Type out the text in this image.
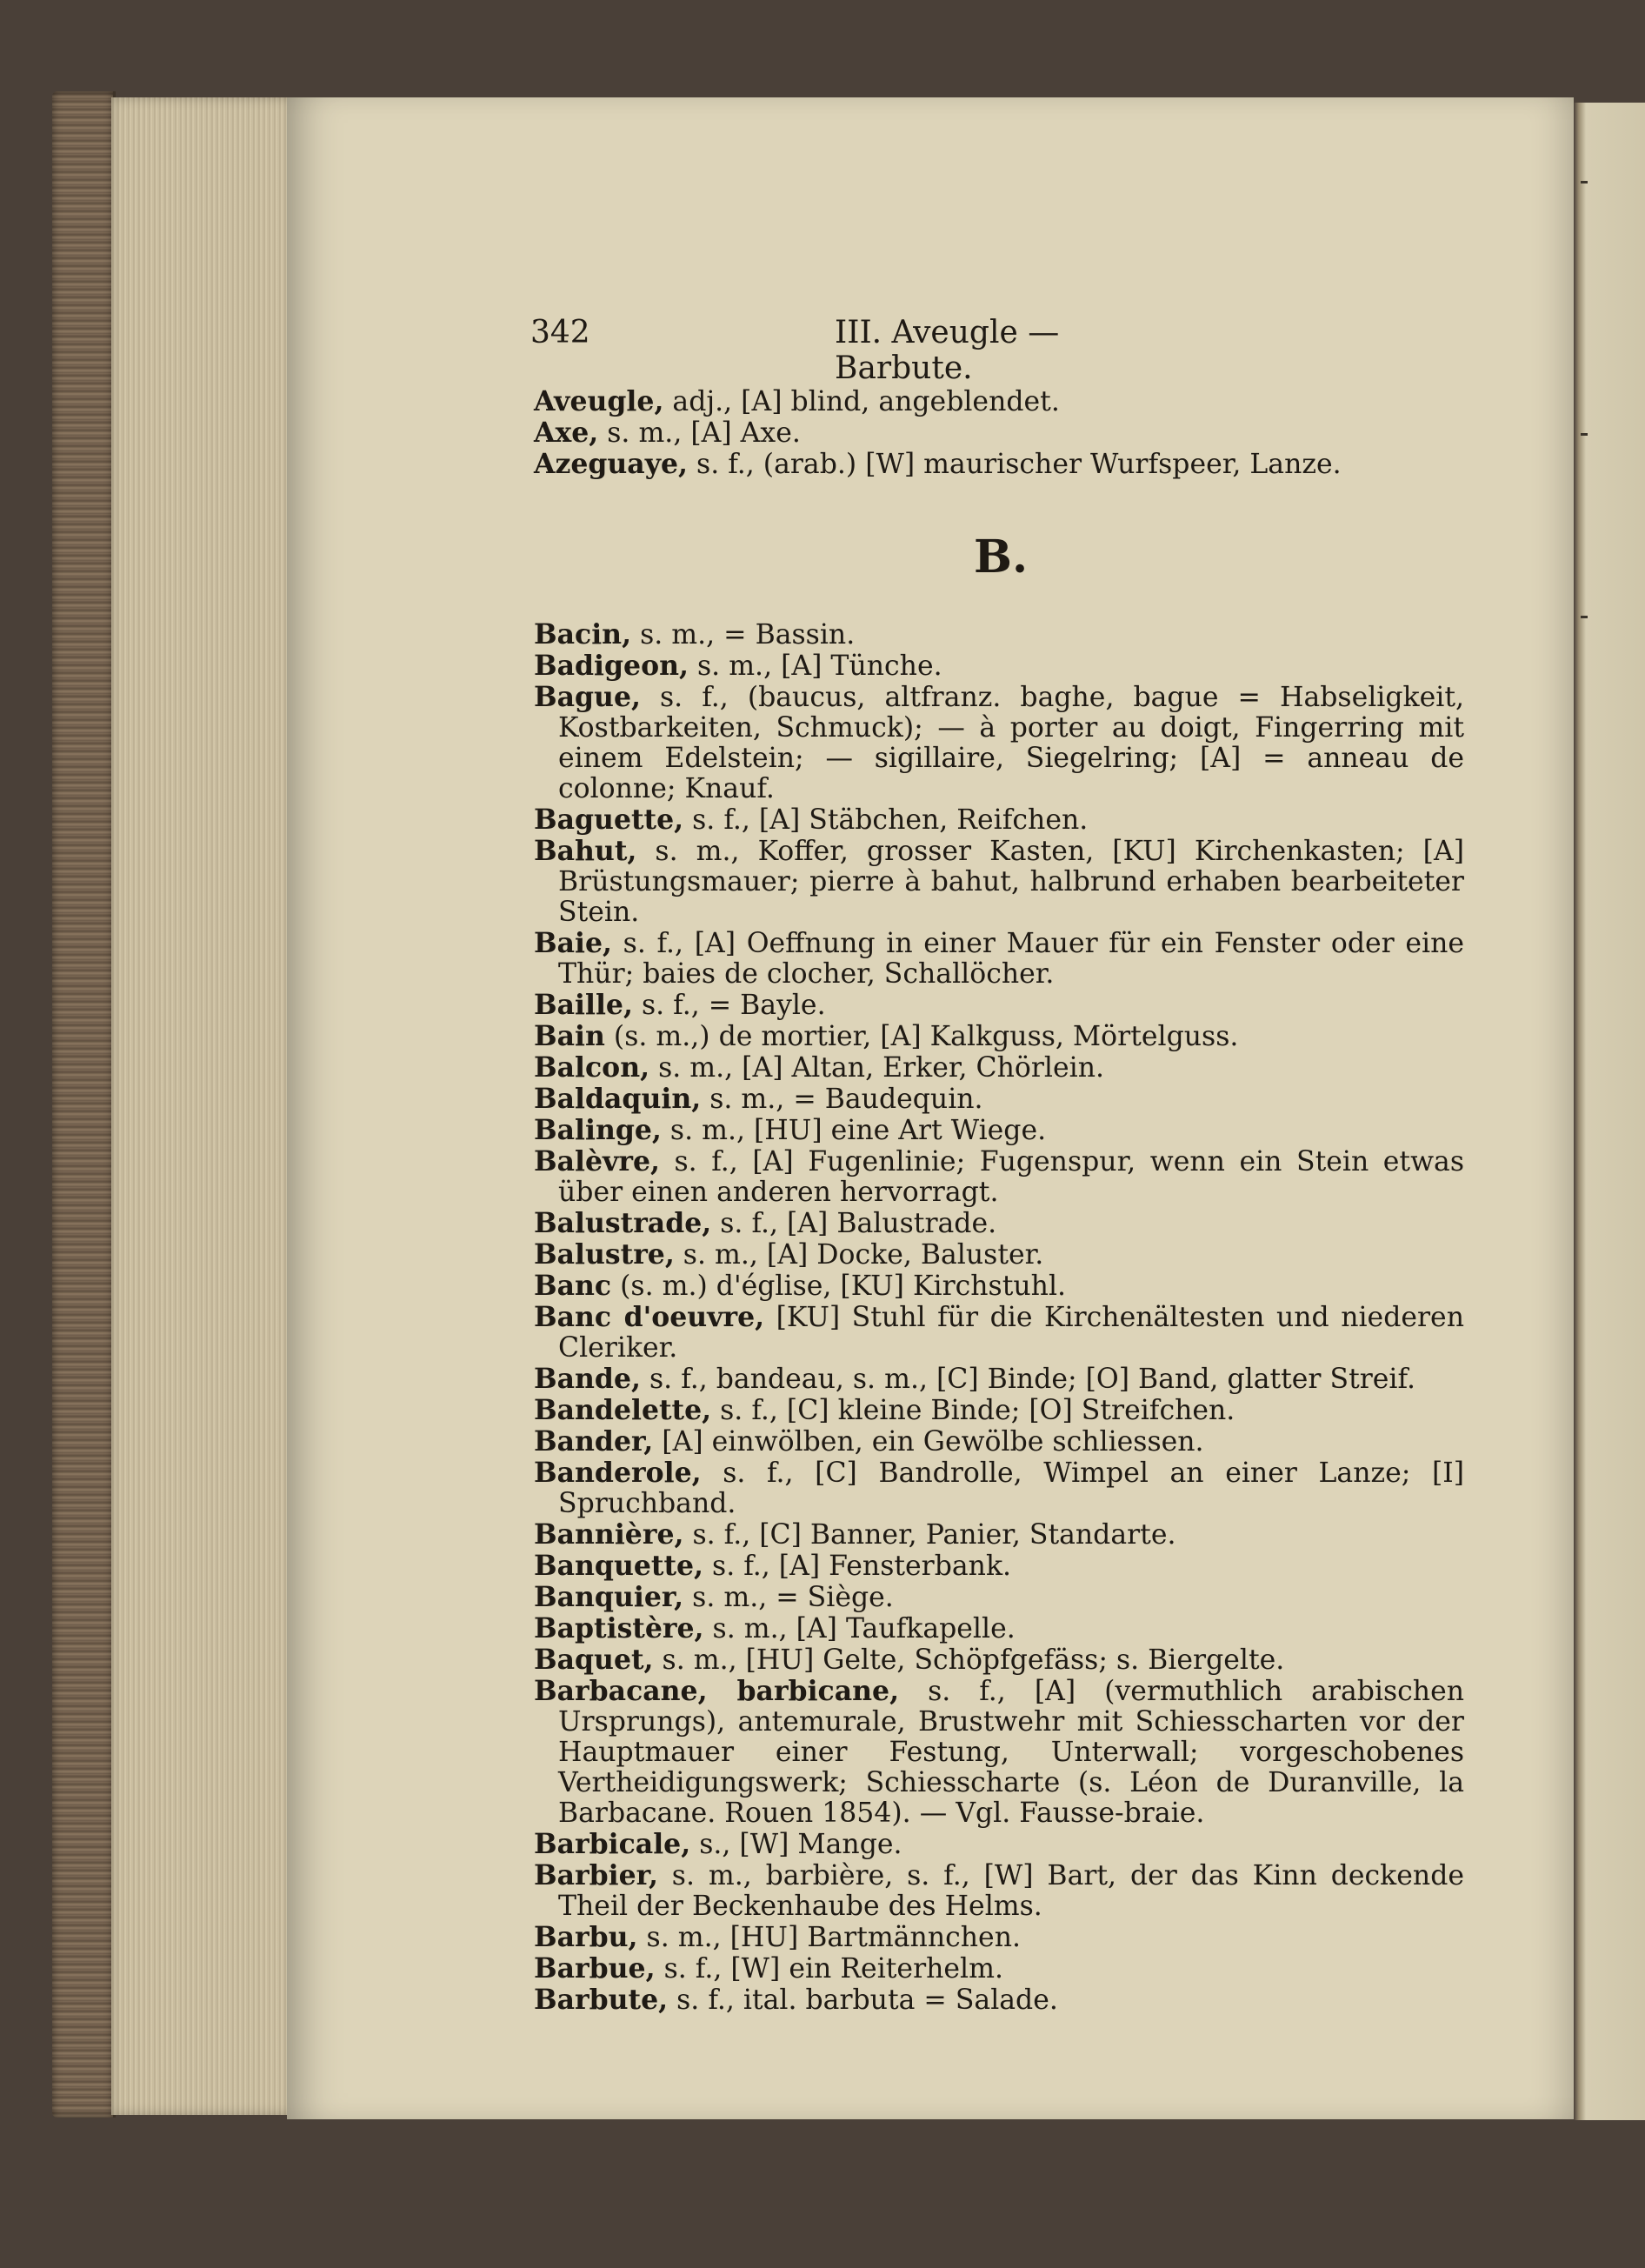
342	III. Aveugle — Barbute.

Aveugle, adj., [A] blind, angeblendet.

Axe, s. m., [A] Axe.

Azeguaye, s. f., (arab.) [W] maurischer Wurfspeer, Lanze.

B.

Bacin, s. m., = Bassin.

Badigeon, s. m., [A] Tünche.

Bague, s. f., (baucus, altfranz. baghe, bague = Habseligkeit, Kostbarkeiten, Schmuck); — à porter au doigt, Fingerring mit einem Edelstein; — sigillaire, Siegelring; [A] = anneau de colonne; Knauf.

Baguette, s. f., [A] Stäbchen, Reifchen.

Bahut, s. m., Koffer, grosser Kasten, [KU] Kirchenkasten; [A] Brüstungsmauer; pierre à bahut, halbrund erhaben bearbeiteter Stein.

Baie, s. f., [A] Oeffnung in einer Mauer für ein Fenster oder eine Thür; baies de clocher, Schallöcher.

Baille, s. f., = Bayle.

Bain (s. m.,) de mortier, [A] Kalkguss, Mörtelguss.

Balcon, s. m., [A] Altan, Erker, Chörlein.

Baldaquin, s. m., = Baudequin.

Balinge, s. m., [HU] eine Art Wiege.

Balèvre, s. f., [A] Fugenlinie; Fugenspur, wenn ein Stein etwas über einen anderen hervorragt.

Balustrade, s. f., [A] Balustrade.

Balustre, s. m., [A] Docke, Baluster.

Banc (s. m.) d'église, [KU] Kirchstuhl.

Banc d'oeuvre, [KU] Stuhl für die Kirchenältesten und niederen Cleriker.

Bande, s. f., bandeau, s. m., [C] Binde; [O] Band, glatter Streif.

Bandelette, s. f., [C] kleine Binde; [O] Streifchen.

Bander, [A] einwölben, ein Gewölbe schliessen.

Banderole, s. f., [C] Bandrolle, Wimpel an einer Lanze; [I] Spruchband.

Bannière, s. f., [C] Banner, Panier, Standarte.

Banquette, s. f., [A] Fensterbank.

Banquier, s. m., = Siège.

Baptistère, s. m., [A] Taufkapelle.

Baquet, s. m., [HU] Gelte, Schöpfgefäss; s. Biergelte.

Barbacane, barbicane, s. f., [A] (vermuthlich arabischen Ursprungs), antemurale, Brustwehr mit Schiesscharten vor der Hauptmauer einer Festung, Unterwall; vorgeschobenes Vertheidigungswerk; Schiesscharte (s. Léon de Duranville, la Barbacane. Rouen 1854). — Vgl. Fausse-braie.

Barbicale, s., [W] Mange.

Barbier, s. m., barbière, s. f., [W] Bart, der das Kinn deckende Theil der Beckenhaube des Helms.

Barbu, s. m., [HU] Bartmännchen.

Barbue, s. f., [W] ein Reiterhelm.

Barbute, s. f., ital. barbuta = Salade.
